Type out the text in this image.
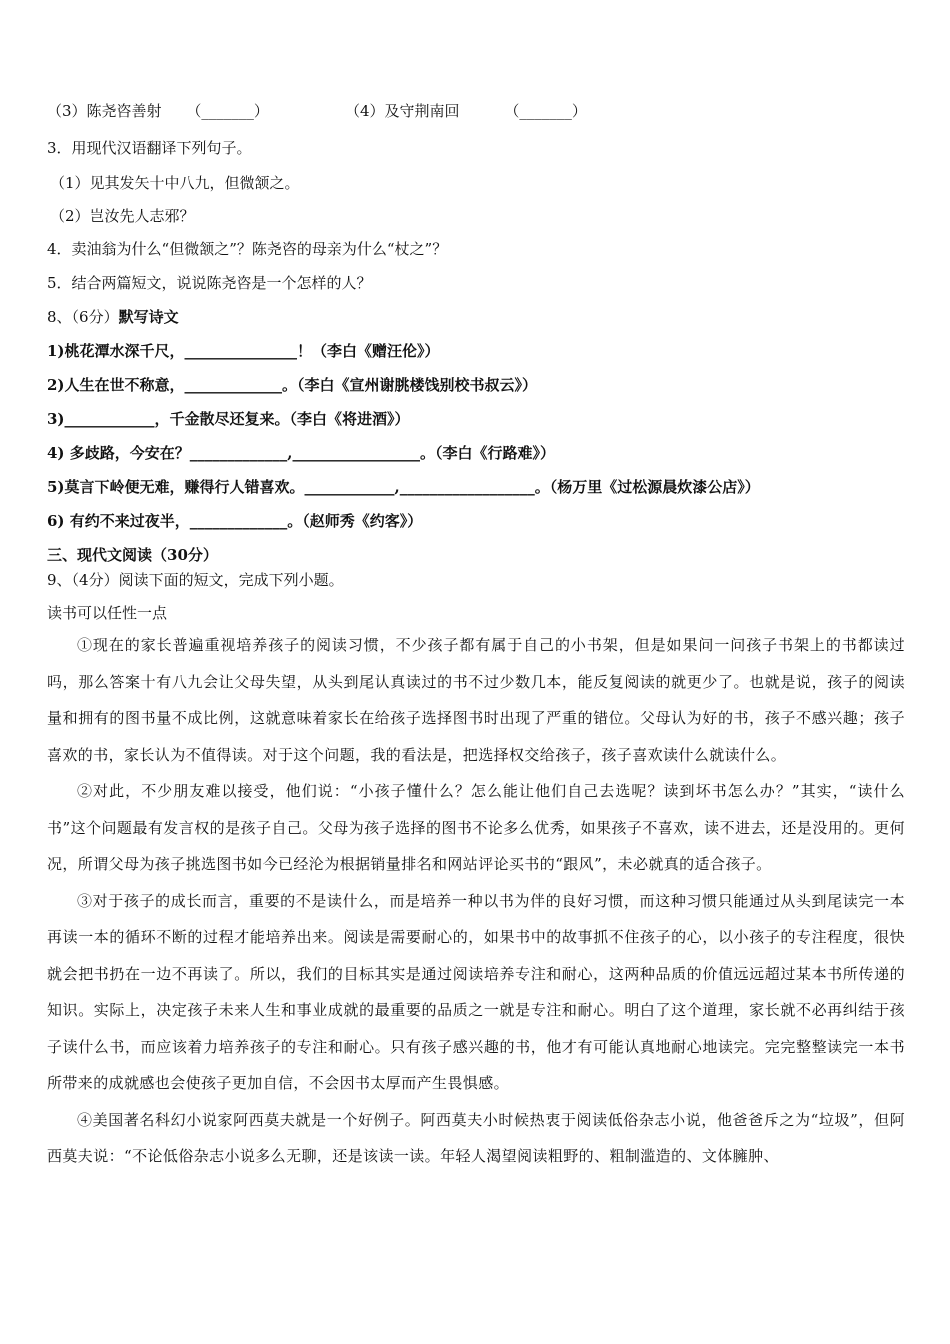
（3）陈尧咨善射 （_______）	（4）及守荆南回	（_______）
3．用现代汉语翻译下列句子。
（1）见其发矢十中八九，但微颔之。
（2）岂汝先人志邪？
4．卖油翁为什么“但微颔之”？陈尧咨的母亲为什么“杖之”？
5．结合两篇短文，说说陈尧咨是一个怎样的人？
8、（6分）默写诗文
1)桃花潭水深千尺，_______________！（李白《赠汪伦》）
2)人生在世不称意，_____________。（李白《宣州谢朓楼饯别校书叔云》）
3)____________，千金散尽还复来。（李白《将进酒》）
4) 多歧路，今安在？_____________,_________________。（李白《行路难》）
5)莫言下岭便无难，赚得行人错喜欢。____________,__________________。（杨万里《过松源晨炊漆公店》）
6) 有约不来过夜半，_____________。（赵师秀《约客》）
三、现代文阅读（30分）
9、（4分）阅读下面的短文，完成下列小题。
读书可以任性一点

①现在的家长普遍重视培养孩子的阅读习惯，不少孩子都有属于自己的小书架，但是如果问一问孩子书架上的书都读过吗，那么答案十有八九会让父母失望，从头到尾认真读过的书不过少数几本，能反复阅读的就更少了。也就是说，孩子的阅读量和拥有的图书量不成比例，这就意味着家长在给孩子选择图书时出现了严重的错位。父母认为好的书，孩子不感兴趣；孩子喜欢的书，家长认为不值得读。对于这个问题，我的看法是，把选择权交给孩子，孩子喜欢读什么就读什么。

②对此，不少朋友难以接受，他们说：“小孩子懂什么？怎么能让他们自己去选呢？读到坏书怎么办？”其实，“读什么书”这个问题最有发言权的是孩子自己。父母为孩子选择的图书不论多么优秀，如果孩子不喜欢，读不进去，还是没用的。更何况，所谓父母为孩子挑选图书如今已经沦为根据销量排名和网站评论买书的“跟风”，未必就真的适合孩子。

③对于孩子的成长而言，重要的不是读什么，而是培养一种以书为伴的良好习惯，而这种习惯只能通过从头到尾读完一本再读一本的循环不断的过程才能培养出来。阅读是需要耐心的，如果书中的故事抓不住孩子的心，以小孩子的专注程度，很快就会把书扔在一边不再读了。所以，我们的目标其实是通过阅读培养专注和耐心，这两种品质的价值远远超过某本书所传递的知识。实际上，决定孩子未来人生和事业成就的最重要的品质之一就是专注和耐心。明白了这个道理，家长就不必再纠结于孩子读什么书，而应该着力培养孩子的专注和耐心。只有孩子感兴趣的书，他才有可能认真地耐心地读完。完完整整读完一本书所带来的成就感也会使孩子更加自信，不会因书太厚而产生畏惧感。

④美国著名科幻小说家阿西莫夫就是一个好例子。阿西莫夫小时候热衷于阅读低俗杂志小说，他爸爸斥之为“垃圾”，但阿西莫夫说：“不论低俗杂志小说多么无聊，还是该读一读。年轻人渴望阅读粗野的、粗制滥造的、文体臃肿、
